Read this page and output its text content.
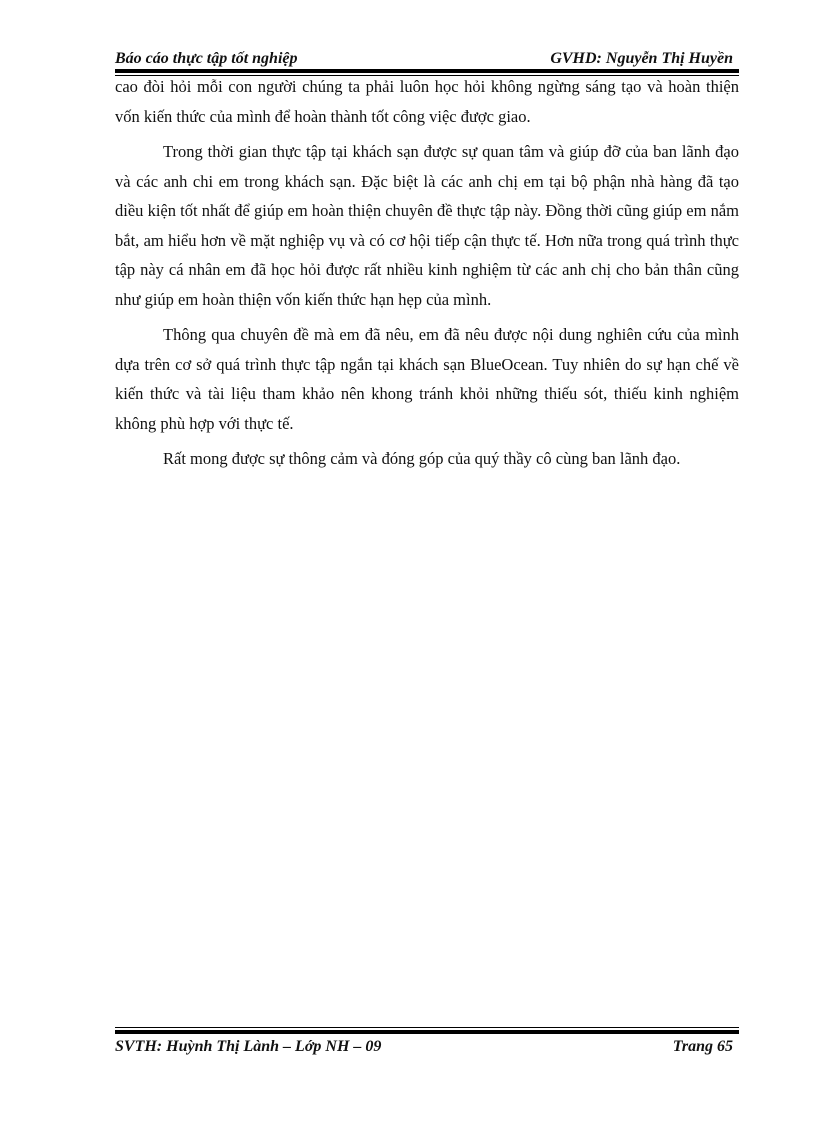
Báo cáo thực tập tốt nghiệp	GVHD: Nguyễn Thị Huyền

cao đòi hỏi mỗi con người chúng ta phải luôn học hỏi không ngừng sáng tạo và hoàn thiện vốn kiến thức của mình để hoàn thành tốt công việc được giao.

Trong thời gian thực tập tại khách sạn được sự quan tâm và giúp đỡ của ban lãnh đạo và các anh chi em trong khách sạn. Đặc biệt là các anh chị em tại bộ phận nhà hàng đã tạo diều kiện tốt nhất để giúp em hoàn thiện chuyên đề thực tập này. Đồng thời cũng giúp em nắm bắt, am hiểu hơn về mặt nghiệp vụ và có cơ hội tiếp cận thực tế. Hơn nữa trong quá trình thực tập này cá nhân em đã học hỏi được rất nhiều kinh nghiệm từ các anh chị cho bản thân cũng như giúp em hoàn thiện vốn kiến thức hạn hẹp của mình.

Thông qua chuyên đề mà em đã nêu, em đã nêu được nội dung nghiên cứu của mình dựa trên cơ sở quá trình thực tập ngắn tại khách sạn BlueOcean. Tuy nhiên do sự hạn chế về kiến thức và tài liệu tham khảo nên khong tránh khỏi những thiếu sót, thiếu kinh nghiệm không phù hợp với thực tế.

Rất mong được sự thông cảm và đóng góp của quý thầy cô cùng ban lãnh đạo.

SVTH: Huỳnh Thị Lành – Lớp NH – 09	Trang 65
